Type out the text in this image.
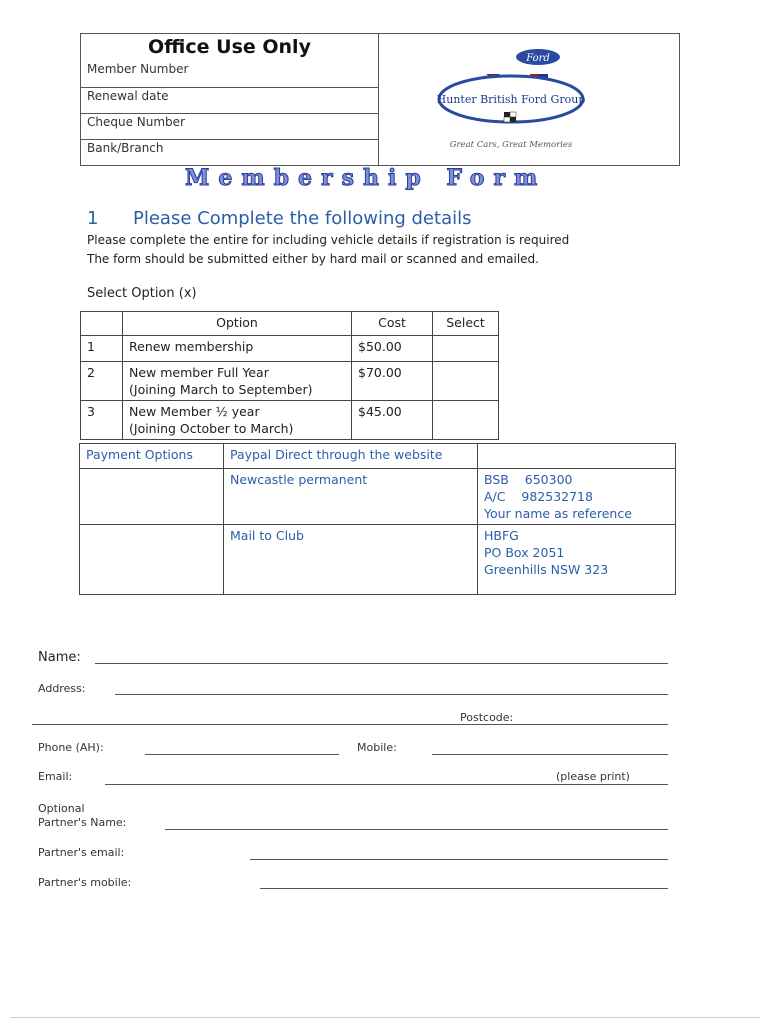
Office Use Only
Member Number
Renewal date
Cheque Number
Bank/Branch
Ford
Hunter British Ford Group
Great Cars, Great Memories
Membership Form
1 Please Complete the following details
Please complete the entire for including vehicle details if registration is required
The form should be submitted either by hard mail or scanned and emailed.
Select Option (x)
	Option	Cost	Select
1	Renew membership	$50.00	
2	New member Full Year
(Joining March to September)	$70.00	
3	New Member ½ year
(Joining October to March)	$45.00	
Payment Options	Paypal Direct through the website	
	Newcastle permanent	BSB    650300
A/C    982532718
Your name as reference

	Mail to Club	HBFG
PO Box 2051
Greenhills NSW 323
Name:
Address:
Postcode:
Phone (AH):	Mobile:
Email:	(please print)
Optional
Partner's Name:
Partner's email:
Partner's mobile:
